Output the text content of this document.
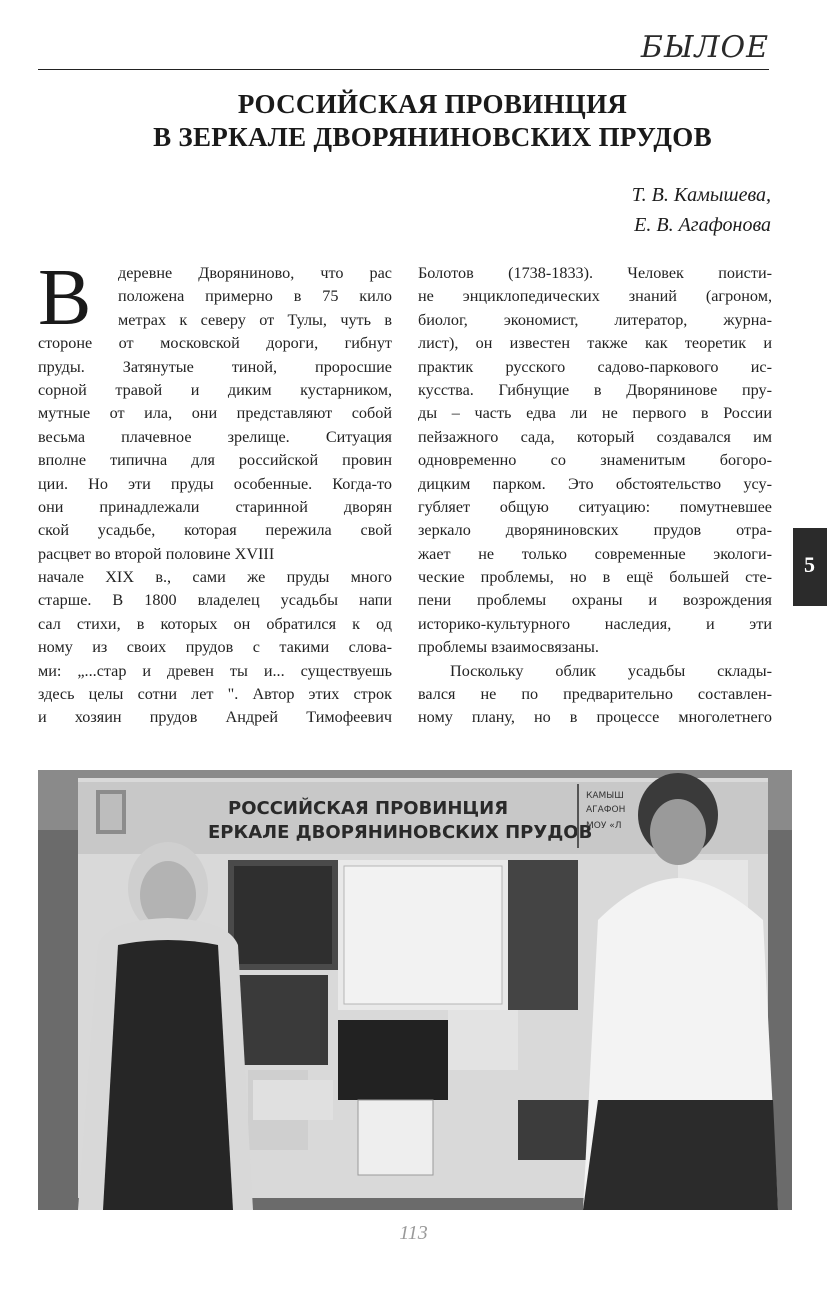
БЫЛОЕ
РОССИЙСКАЯ ПРОВИНЦИЯ
В ЗЕРКАЛЕ ДВОРЯНИНОВСКИХ ПРУДОВ
Т. В. Камышева,
Е. В. Агафонова
В	деревне Дворяниново, что рас
положена примерно в 75 кило
метрах к северу от Тулы, чуть в
стороне от московской дороги, гибнут
пруды. Затянутые тиной, проросшие
сорной травой и диким кустарником,
мутные от ила, они представляют собой
весьма плачевное зрелище. Ситуация
вполне типична для российской провин
ции. Но эти пруды особенные. Когда-то
они принадлежали старинной дворян
ской усадьбе, которая пережила свой
расцвет во второй половине XVIII
начале XIX в., сами же пруды много
старше. В 1800 владелец усадьбы напи
сал стихи, в которых он обратился к од
ному из своих прудов с такими слова-
ми: „...стар и древен ты и... существуешь
здесь целы сотни лет ". Автор этих строк
и хозяин прудов Андрей Тимофеевич
Болотов (1738-1833). Человек поисти-
не энциклопедических знаний (агроном,
биолог, экономист, литератор, журна-
лист), он известен также как теоретик и
практик русского садово-паркового ис-
кусства. Гибнущие в Дворянинове пру-
ды – часть едва ли не первого в России
пейзажного сада, который создавался им
одновременно со знаменитым богоро-
дицким парком. Это обстоятельство усу-
губляет общую ситуацию: помутневшее
зеркало дворяниновских прудов отра-
жает не только современные экологи-
ческие проблемы, но в ещё большей сте-
пени проблемы охраны и возрождения
историко-культурного наследия, и эти
проблемы взаимосвязаны.
Поскольку облик усадьбы склады-
вался не по предварительно составлен-
ному плану, но в процессе многолетнего
РОССИЙСКАЯ ПРОВИНЦИЯ
ЕРКАЛЕ ДВОРЯНИНОВСКИХ ПРУДОВ
КАМЫШ
АГАФОН
МОУ «Л
5
113
